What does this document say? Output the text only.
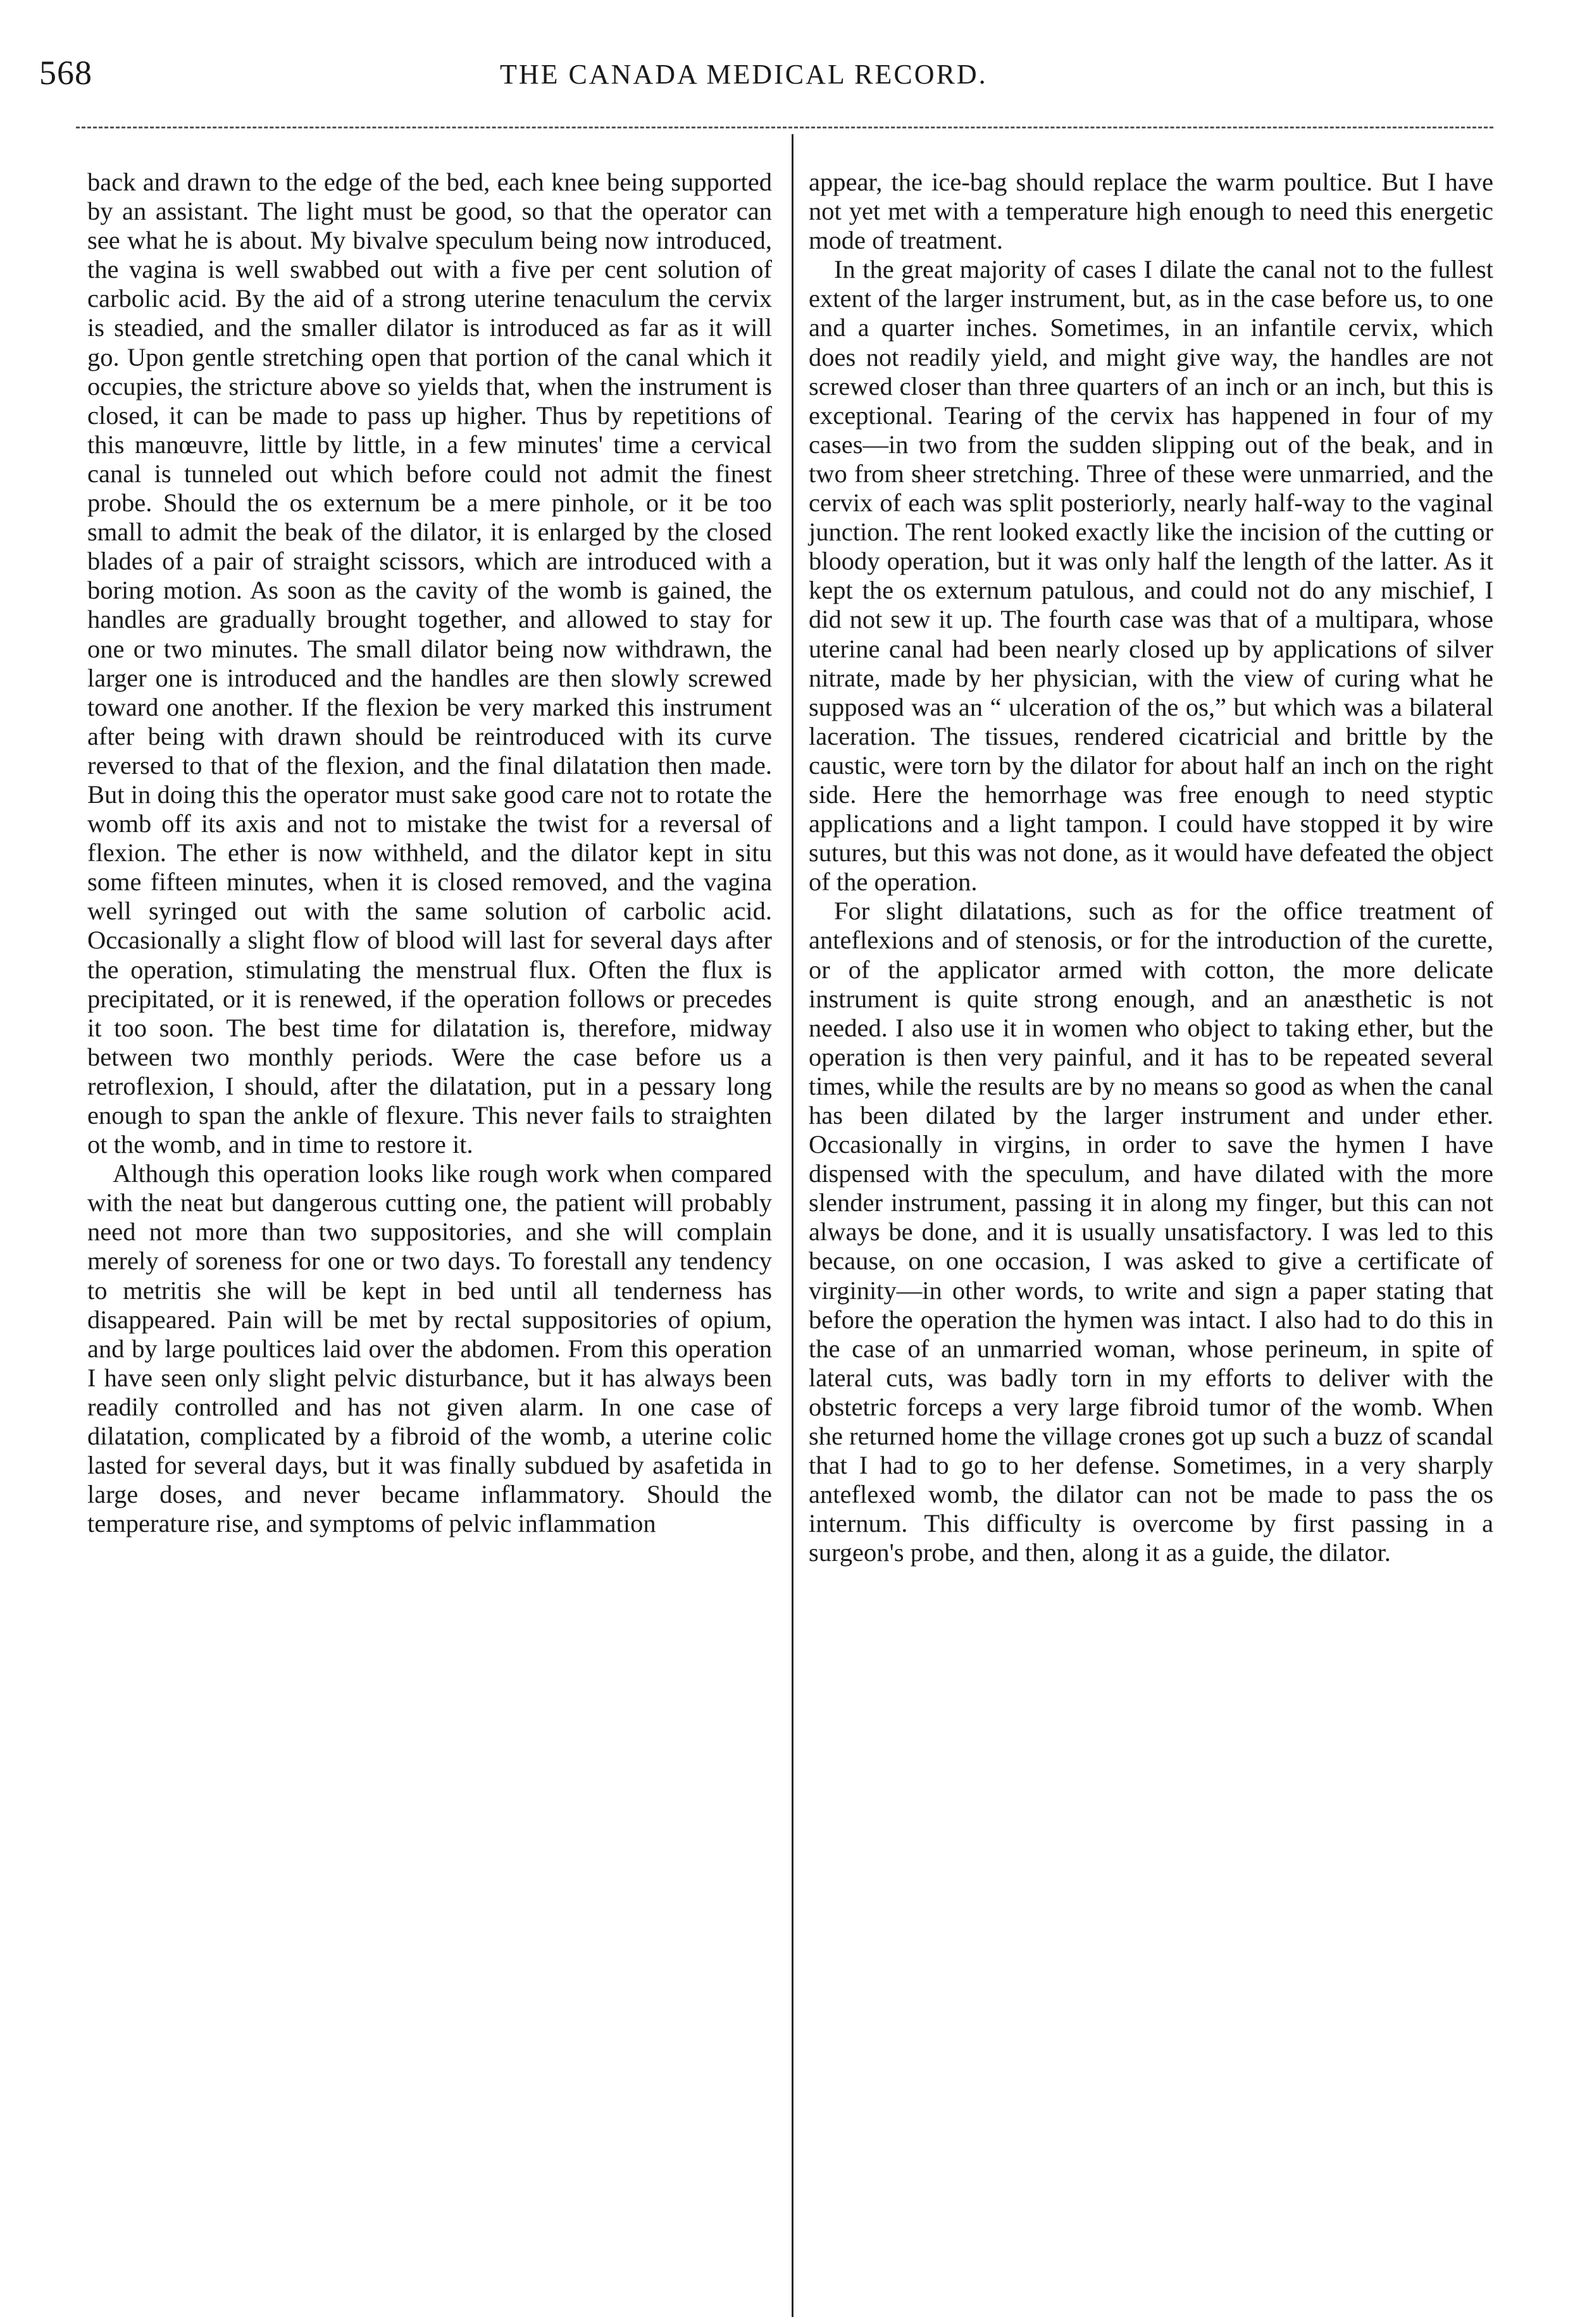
568	THE CANADA MEDICAL RECORD.

back and drawn to the edge of the bed, each knee being supported by an assistant. The light must be good, so that the operator can see what he is about. My bivalve speculum being now introduced, the vagina is well swabbed out with a five per cent solution of carbolic acid. By the aid of a strong uterine tenaculum the cervix is steadied, and the smaller dilator is introduced as far as it will go. Upon gentle stretching open that portion of the canal which it occupies, the stricture above so yields that, when the instrument is closed, it can be made to pass up higher. Thus by repetitions of this manœuvre, little by little, in a few minutes' time a cervical canal is tunneled out which before could not admit the finest probe. Should the os externum be a mere pinhole, or it be too small to admit the beak of the dilator, it is enlarged by the closed blades of a pair of straight scissors, which are introduced with a boring motion. As soon as the cavity of the womb is gained, the handles are gradually brought together, and allowed to stay for one or two minutes. The small dilator being now withdrawn, the larger one is introduced and the handles are then slowly screwed toward one another. If the flexion be very marked this instrument after being with drawn should be reintroduced with its curve reversed to that of the flexion, and the final dilatation then made. But in doing this the operator must sake good care not to rotate the womb off its axis and not to mistake the twist for a reversal of flexion. The ether is now withheld, and the dilator kept in situ some fifteen minutes, when it is closed removed, and the vagina well syringed out with the same solution of carbolic acid. Occasionally a slight flow of blood will last for several days after the operation, stimulating the menstrual flux. Often the flux is precipitated, or it is renewed, if the operation follows or precedes it too soon. The best time for dilatation is, therefore, midway between two monthly periods. Were the case before us a retroflexion, I should, after the dilatation, put in a pessary long enough to span the ankle of flexure. This never fails to straighten ot the womb, and in time to restore it.

Although this operation looks like rough work when compared with the neat but dangerous cutting one, the patient will probably need not more than two suppositories, and she will complain merely of soreness for one or two days. To forestall any tendency to metritis she will be kept in bed until all tenderness has disappeared. Pain will be met by rectal suppositories of opium, and by large poultices laid over the abdomen. From this operation I have seen only slight pelvic disturbance, but it has always been readily controlled and has not given alarm. In one case of dilatation, complicated by a fibroid of the womb, a uterine colic lasted for several days, but it was finally subdued by asafetida in large doses, and never became inflammatory. Should the temperature rise, and symptoms of pelvic inflammation

appear, the ice-bag should replace the warm poultice. But I have not yet met with a temperature high enough to need this energetic mode of treatment.

In the great majority of cases I dilate the canal not to the fullest extent of the larger instrument, but, as in the case before us, to one and a quarter inches. Sometimes, in an infantile cervix, which does not readily yield, and might give way, the handles are not screwed closer than three quarters of an inch or an inch, but this is exceptional. Tearing of the cervix has happened in four of my cases—in two from the sudden slipping out of the beak, and in two from sheer stretching. Three of these were unmarried, and the cervix of each was split posteriorly, nearly half-way to the vaginal junction. The rent looked exactly like the incision of the cutting or bloody operation, but it was only half the length of the latter. As it kept the os externum patulous, and could not do any mischief, I did not sew it up. The fourth case was that of a multipara, whose uterine canal had been nearly closed up by applications of silver nitrate, made by her physician, with the view of curing what he supposed was an “ ulceration of the os,” but which was a bilateral laceration. The tissues, rendered cicatricial and brittle by the caustic, were torn by the dilator for about half an inch on the right side. Here the hemorrhage was free enough to need styptic applications and a light tampon. I could have stopped it by wire sutures, but this was not done, as it would have defeated the object of the operation.

For slight dilatations, such as for the office treatment of anteflexions and of stenosis, or for the introduction of the curette, or of the applicator armed with cotton, the more delicate instrument is quite strong enough, and an anæsthetic is not needed. I also use it in women who object to taking ether, but the operation is then very painful, and it has to be repeated several times, while the results are by no means so good as when the canal has been dilated by the larger instrument and under ether. Occasionally in virgins, in order to save the hymen I have dispensed with the speculum, and have dilated with the more slender instrument, passing it in along my finger, but this can not always be done, and it is usually unsatisfactory. I was led to this because, on one occasion, I was asked to give a certificate of virginity—in other words, to write and sign a paper stating that before the operation the hymen was intact. I also had to do this in the case of an unmarried woman, whose perineum, in spite of lateral cuts, was badly torn in my efforts to deliver with the obstetric forceps a very large fibroid tumor of the womb. When she returned home the village crones got up such a buzz of scandal that I had to go to her defense. Sometimes, in a very sharply anteflexed womb, the dilator can not be made to pass the os internum. This difficulty is overcome by first passing in a surgeon's probe, and then, along it as a guide, the dilator.
